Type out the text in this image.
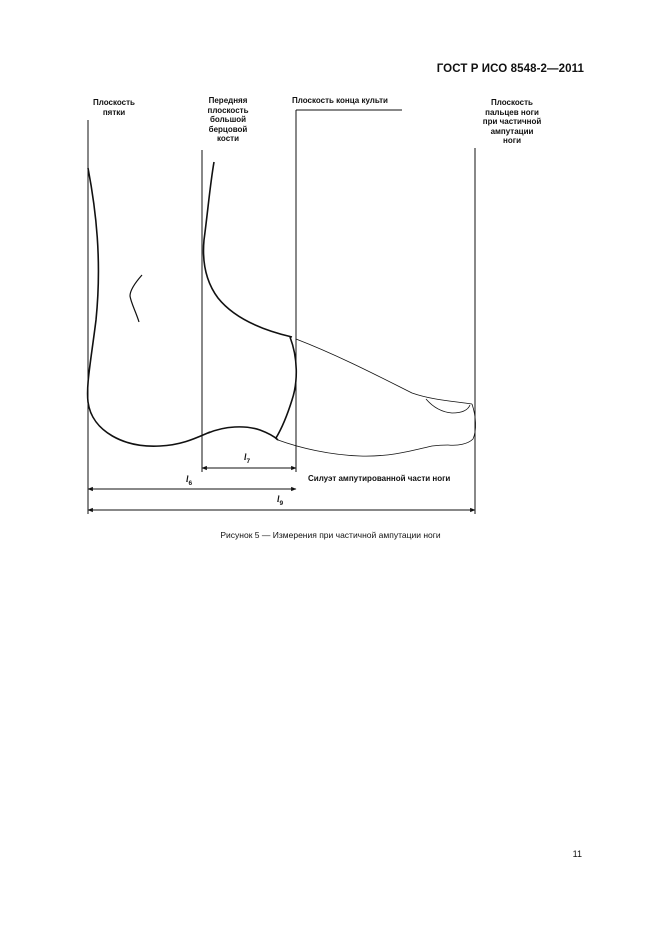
ГОСТ Р ИСО 8548-2—2011
Плоскость
пятки
Передняя
плоскость
большой
берцовой
кости
Плоскость конца культи	Плоскость
пальцев ноги
при частичной
ампутации
ноги
Силуэт ампутированной части ноги
$l_7$
$l_6$
$l_9$
Рисунок 5 — Измерения при частичной ампутации ноги
11
